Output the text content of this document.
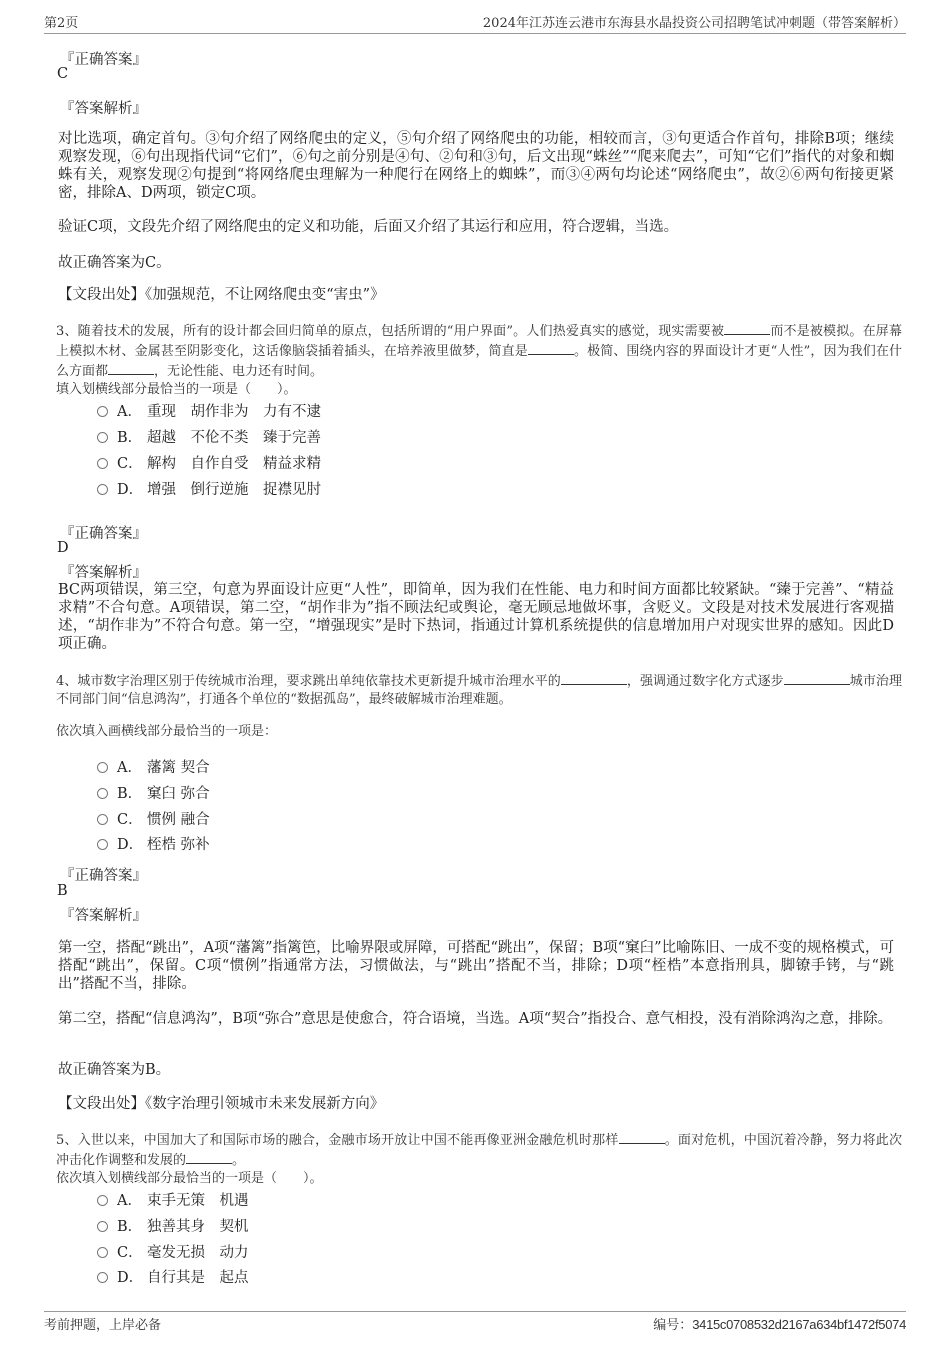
第2页	2024年江苏连云港市东海县水晶投资公司招聘笔试冲刺题（带答案解析）
『正确答案』
C
『答案解析』
对比选项，确定首句。③句介绍了网络爬虫的定义，⑤句介绍了网络爬虫的功能，相较而言，③句更适合作首句，排除B项；继续观察发现，⑥句出现指代词“它们”，⑥句之前分别是④句、②句和③句，后文出现“蛛丝”“爬来爬去”，可知“它们”指代的对象和蜘蛛有关，观察发现②句提到“将网络爬虫理解为一种爬行在网络上的蜘蛛”，而③④两句均论述“网络爬虫”，故②⑥两句衔接更紧密，排除A、D两项，锁定C项。
验证C项，文段先介绍了网络爬虫的定义和功能，后面又介绍了其运行和应用，符合逻辑，当选。
故正确答案为C。
【文段出处】《加强规范，不让网络爬虫变“害虫”》
3、随着技术的发展，所有的设计都会回归简单的原点，包括所谓的“用户界面”。人们热爱真实的感觉，现实需要被	而不是被模拟。在屏幕上模拟木材、金属甚至阴影变化，这话像脑袋插着插头，在培养液里做梦，简直是	。极简、围绕内容的界面设计才更“人性”，因为我们在什么方面都	，无论性能、电力还有时间。
填入划横线部分最恰当的一项是（　　）。
A． 重现　胡作非为　力有不逮
B． 超越　不伦不类　臻于完善
C． 解构　自作自受　精益求精
D． 增强　倒行逆施　捉襟见肘
『正确答案』
D
『答案解析』
BC两项错误，第三空，句意为界面设计应更“人性”，即简单，因为我们在性能、电力和时间方面都比较紧缺。“臻于完善”、“精益求精”不合句意。A项错误，第二空，“胡作非为”指不顾法纪或舆论，毫无顾忌地做坏事，含贬义。文段是对技术发展进行客观描述，“胡作非为”不符合句意。第一空，“增强现实”是时下热词，指通过计算机系统提供的信息增加用户对现实世界的感知。因此D项正确。
4、城市数字治理区别于传统城市治理，要求跳出单纯依靠技术更新提升城市治理水平的	，强调通过数字化方式逐步	城市治理不同部门间“信息鸿沟”，打通各个单位的“数据孤岛”，最终破解城市治理难题。
依次填入画横线部分最恰当的一项是：
A． 藩篱 契合
B． 窠臼 弥合
C． 惯例 融合
D． 桎梏 弥补
『正确答案』
B
『答案解析』
第一空，搭配“跳出”，A项“藩篱”指篱笆，比喻界限或屏障，可搭配“跳出”，保留；B项“窠臼”比喻陈旧、一成不变的规格模式，可搭配“跳出”，保留。C项“惯例”指通常方法，习惯做法，与“跳出”搭配不当，排除；D项“桎梏”本意指刑具，脚镣手铐，与“跳出”搭配不当，排除。
第二空，搭配“信息鸿沟”，B项“弥合”意思是使愈合，符合语境，当选。A项“契合”指投合、意气相投，没有消除鸿沟之意，排除。
故正确答案为B。
【文段出处】《数字治理引领城市未来发展新方向》
5、入世以来，中国加大了和国际市场的融合，金融市场开放让中国不能再像亚洲金融危机时那样	。面对危机，中国沉着冷静，努力将此次冲击化作调整和发展的	。
依次填入划横线部分最恰当的一项是（　　）。
A． 束手无策　机遇
B． 独善其身　契机
C． 毫发无损　动力
D． 自行其是　起点
考前押题，上岸必备	编号：3415c0708532d2167a634bf1472f5074
